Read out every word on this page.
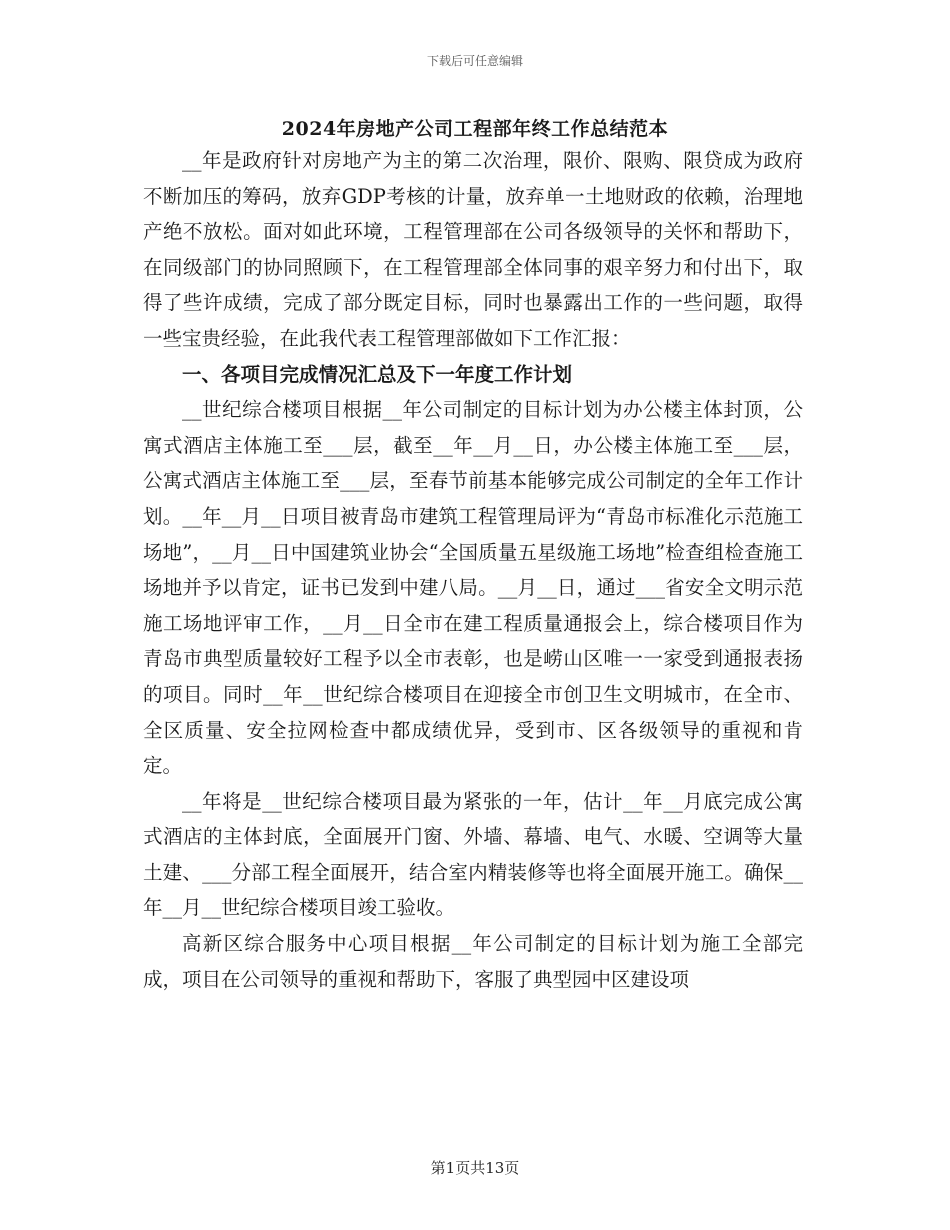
下载后可任意编辑
2024年房地产公司工程部年终工作总结范本

__年是政府针对房地产为主的第二次治理，限价、限购、限贷成为政府不断加压的筹码，放弃GDP考核的计量，放弃单一土地财政的依赖，治理地产绝不放松。面对如此环境，工程管理部在公司各级领导的关怀和帮助下，在同级部门的协同照顾下，在工程管理部全体同事的艰辛努力和付出下，取得了些许成绩，完成了部分既定目标，同时也暴露出工作的一些问题，取得一些宝贵经验，在此我代表工程管理部做如下工作汇报：

一、各项目完成情况汇总及下一年度工作计划

__世纪综合楼项目根据__年公司制定的目标计划为办公楼主体封顶，公寓式酒店主体施工至___层，截至__年__月__日，办公楼主体施工至___层，公寓式酒店主体施工至___层，至春节前基本能够完成公司制定的全年工作计划。__年__月__日项目被青岛市建筑工程管理局评为“青岛市标准化示范施工场地”，__月__日中国建筑业协会“全国质量五星级施工场地”检查组检查施工场地并予以肯定，证书已发到中建八局。__月__日，通过___省安全文明示范施工场地评审工作，__月__日全市在建工程质量通报会上，综合楼项目作为青岛市典型质量较好工程予以全市表彰，也是崂山区唯一一家受到通报表扬的项目。同时__年__世纪综合楼项目在迎接全市创卫生文明城市，在全市、全区质量、安全拉网检查中都成绩优异，受到市、区各级领导的重视和肯定。

__年将是__世纪综合楼项目最为紧张的一年，估计__年__月底完成公寓式酒店的主体封底，全面展开门窗、外墙、幕墙、电气、水暖、空调等大量土建、___分部工程全面展开，结合室内精装修等也将全面展开施工。确保__年__月__世纪综合楼项目竣工验收。

高新区综合服务中心项目根据__年公司制定的目标计划为施工全部完成，项目在公司领导的重视和帮助下，客服了典型园中区建设项

第1页共13页
